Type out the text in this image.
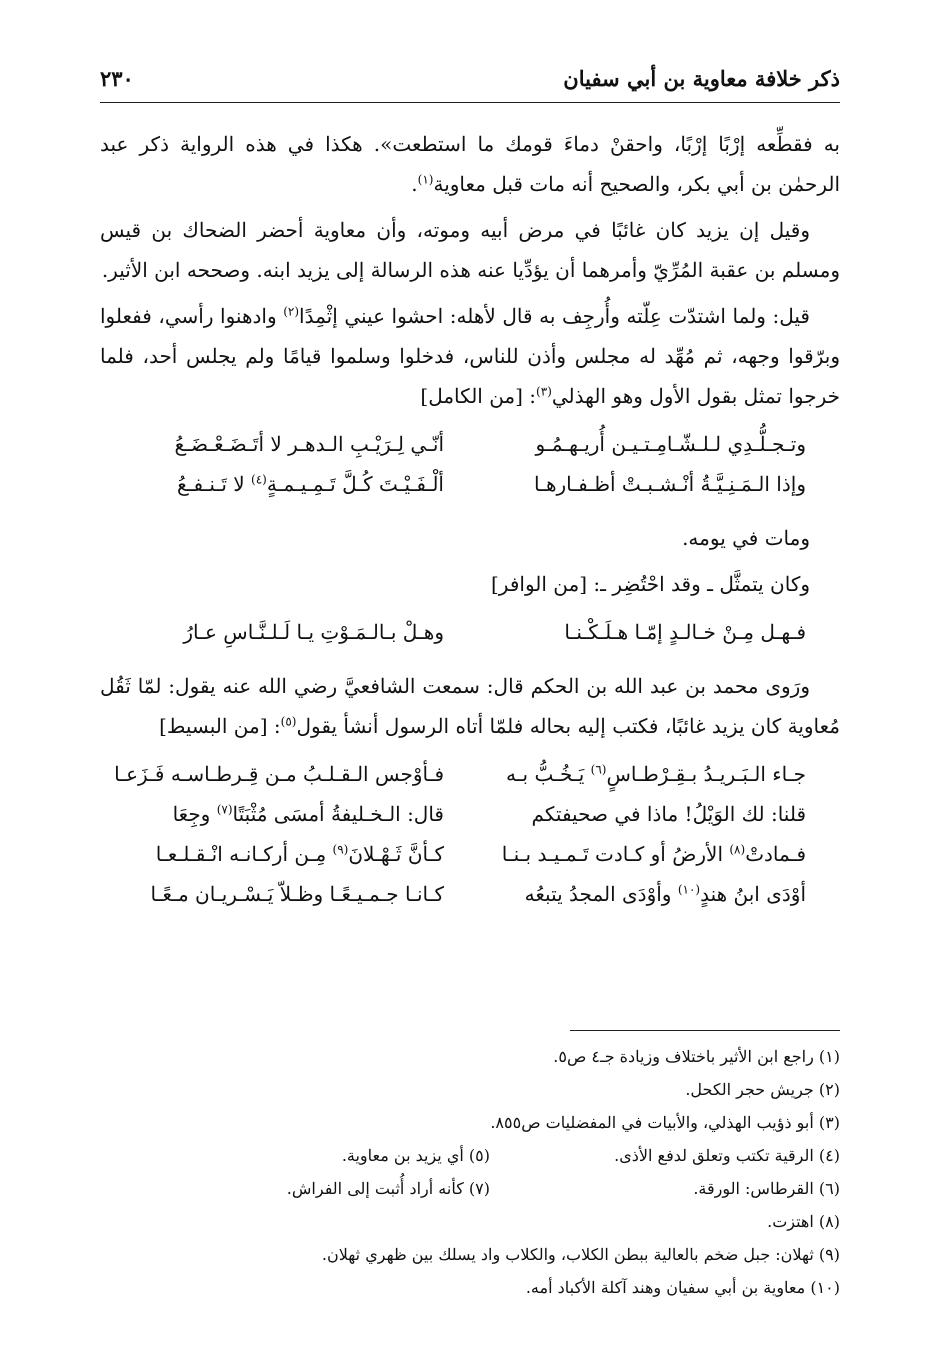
ذكر خلافة معاوية بن أبي سفيان
٢٣٠

به فقطِّعه إرْبًا إرْبًا، واحقنْ دماءَ قومك ما استطعت». هكذا في هذه الرواية ذكر عبد الرحمٰن بن أبي بكر، والصحيح أنه مات قبل معاوية$^{(١)}$.

وقيل إن يزيد كان غائبًا في مرض أبيه وموته، وأن معاوية أحضر الضحاك بن قيس ومسلم بن عقبة المُرِّيّ وأمرهما أن يؤدِّيا عنه هذه الرسالة إلى يزيد ابنه. وصححه ابن الأثير.

قيل: ولما اشتدّت عِلّته وأُرجِف به قال لأهله: احشوا عيني إثْمِدًا$^{(٢)}$ وادهنوا رأسي، ففعلوا وبرّقوا وجهه، ثم مُهِّد له مجلس وأذن للناس، فدخلوا وسلموا قيامًا ولم يجلس أحد، فلما خرجوا تمثل بقول الأول وهو الهذلي$^{(٣)}$: [من الكامل]

وتـجـلُّـدِي لـلـشّـامِـتـيـن أُريـهـمُـو
أنّـي لِـرَيْـبِ الـدهـر لا أتَـضَـعْـضَـعُ
وإذا الـمَـنِـيَّـةُ أنْـشـبـتْ أظـفـارهـا
ألْـفَـيْـتَ كُـلَّ تَـمِـيـمـةٍ$^{(٤)}$ لا تَـنـفـعُ

ومات في يومه.

وكان يتمثَّل ـ وقد احْتُضِر ـ: [من الوافر]

فـهـل مِـنْ خـالـدٍ إمّـا هـلَـكْـنـا
وهـلْ بـالـمَـوْتِ يـا لَـلـنَّـاسِ عـارُ

ورَوى محمد بن عبد الله بن الحكم قال: سمعت الشافعيَّ رضي الله عنه يقول: لمّا ثَقُل مُعاوية كان يزيد غائبًا، فكتب إليه بحاله فلمّا أتاه الرسول أنشأ يقول$^{(٥)}$: [من البسيط]

جـاء الـبَـريـدُ بـقِـرْطـاسٍ$^{(٦)}$ يَـخُـبُّ بـه
فـأوْجس الـقـلـبُ مـن قِـرطـاسـه فَـزَعـا
قلنا: لك الوَيْلُ! ماذا في صحيفتكم
قال: الـخـليفةُ أمسَى مُثْبَتًا$^{(٧)}$ وجِعَا
فـمادتْ$^{(٨)}$ الأرضُ أو كـادت تَـمـيـد بـنـا
كـأنَّ ثَـهْـلانَ$^{(٩)}$ مِـن أركـانـه انْـقـلـعـا
أوْدَى ابنُ هندٍ$^{(١٠)}$ وأوْدَى المجدُ يتبعُه
كـانـا جـمـيـعًـا وظـلاّ يَـسْـريـان مـعًـا
(١) راجع ابن الأثير باختلاف وزيادة جـ٤ ص٥.
(٢) جريش حجر الكحل.
(٣) أبو ذؤيب الهذلي، والأبيات في المفضليات ص٨٥٥.
(٤) الرقية تكتب وتعلق لدفع الأذى.
(٥) أي يزيد بن معاوية.
(٦) القرطاس: الورقة.
(٧) كأنه أراد أُثبت إلى الفراش.
(٨) اهتزت.
(٩) ثهلان: جبل ضخم بالعالية ببطن الكلاب، والكلاب واد يسلك بين ظهري ثهلان.
(١٠) معاوية بن أبي سفيان وهند آكلة الأكباد أمه.
